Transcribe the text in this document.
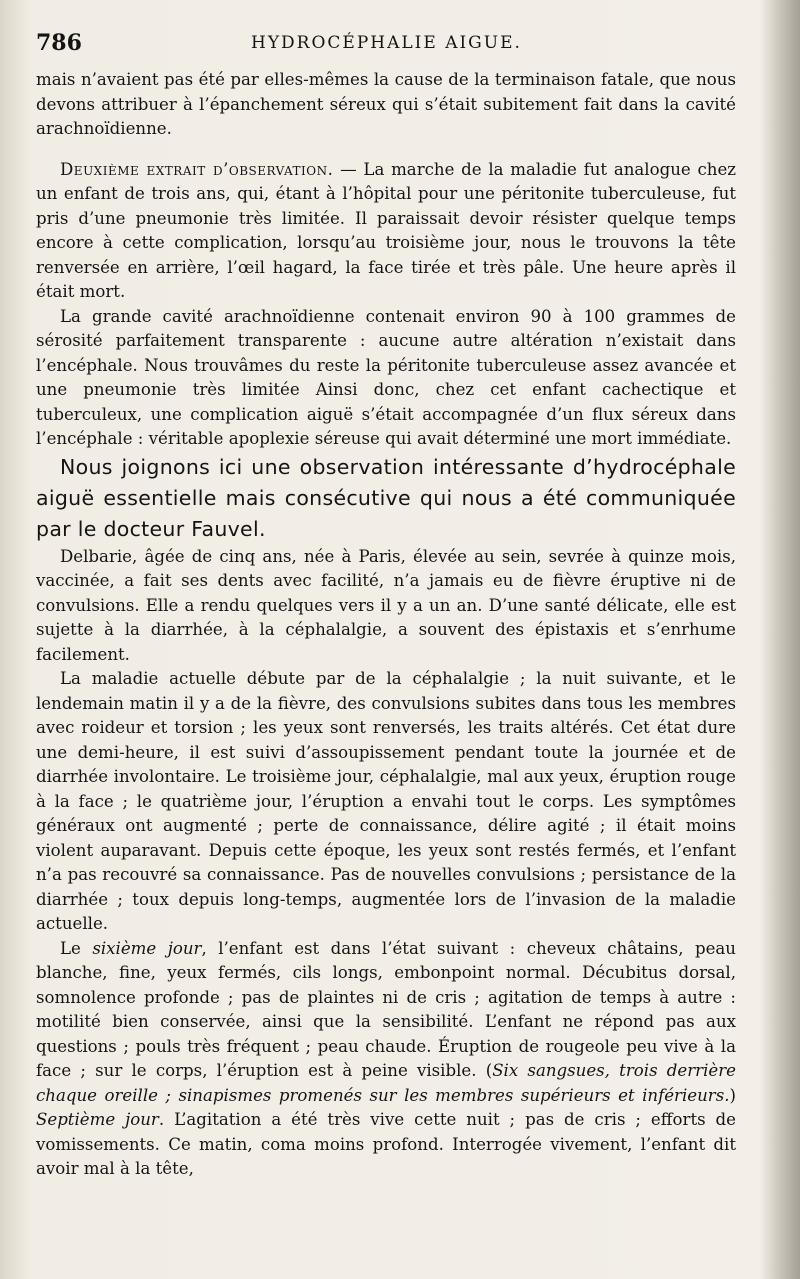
786	HYDROCÉPHALIE AIGUE.

mais n’avaient pas été par elles-mêmes la cause de la terminaison fatale, que nous devons attribuer à l’épanchement séreux qui s’était subitement fait dans la cavité arachnoïdienne.

Deuxième extrait d’observation. — La marche de la maladie fut analogue chez un enfant de trois ans, qui, étant à l’hôpital pour une péritonite tuberculeuse, fut pris d’une pneumonie très limitée. Il paraissait devoir résister quelque temps encore à cette complication, lorsqu’au troisième jour, nous le trouvons la tête renversée en arrière, l’œil hagard, la face tirée et très pâle. Une heure après il était mort.

La grande cavité arachnoïdienne contenait environ 90 à 100 grammes de sérosité parfaitement transparente : aucune autre altération n’existait dans l’encéphale. Nous trouvâmes du reste la péritonite tuberculeuse assez avancée et une pneumonie très limitée Ainsi donc, chez cet enfant cachectique et tuberculeux, une complication aiguë s’était accompagnée d’un flux séreux dans l’encéphale : véritable apoplexie séreuse qui avait déterminé une mort immédiate.

Nous joignons ici une observation intéressante d’hydrocéphale aiguë essentielle mais consécutive qui nous a été communiquée par le docteur Fauvel.

Delbarie, âgée de cinq ans, née à Paris, élevée au sein, sevrée à quinze mois, vaccinée, a fait ses dents avec facilité, n’a jamais eu de fièvre éruptive ni de convulsions. Elle a rendu quelques vers il y a un an. D’une santé délicate, elle est sujette à la diarrhée, à la céphalalgie, a souvent des épistaxis et s’enrhume facilement.

La maladie actuelle débute par de la céphalalgie ; la nuit suivante, et le lendemain matin il y a de la fièvre, des convulsions subites dans tous les membres avec roideur et torsion ; les yeux sont renversés, les traits altérés. Cet état dure une demi-heure, il est suivi d’assoupissement pendant toute la journée et de diarrhée involontaire. Le troisième jour, céphalalgie, mal aux yeux, éruption rouge à la face ; le quatrième jour, l’éruption a envahi tout le corps. Les symptômes généraux ont augmenté ; perte de connaissance, délire agité ; il était moins violent auparavant. Depuis cette époque, les yeux sont restés fermés, et l’enfant n’a pas recouvré sa connaissance. Pas de nouvelles convulsions ; persistance de la diarrhée ; toux depuis long-temps, augmentée lors de l’invasion de la maladie actuelle.

Le sixième jour, l’enfant est dans l’état suivant : cheveux châtains, peau blanche, fine, yeux fermés, cils longs, embonpoint normal. Décubitus dorsal, somnolence profonde ; pas de plaintes ni de cris ; agitation de temps à autre : motilité bien conservée, ainsi que la sensibilité. L’enfant ne répond pas aux questions ; pouls très fréquent ; peau chaude. Éruption de rougeole peu vive à la face ; sur le corps, l’éruption est à peine visible. (Six sangsues, trois derrière chaque oreille ; sinapismes promenés sur les membres supérieurs et inférieurs.) Septième jour. L’agitation a été très vive cette nuit ; pas de cris ; efforts de vomissements. Ce matin, coma moins profond. Interrogée vivement, l’enfant dit avoir mal à la tête,
